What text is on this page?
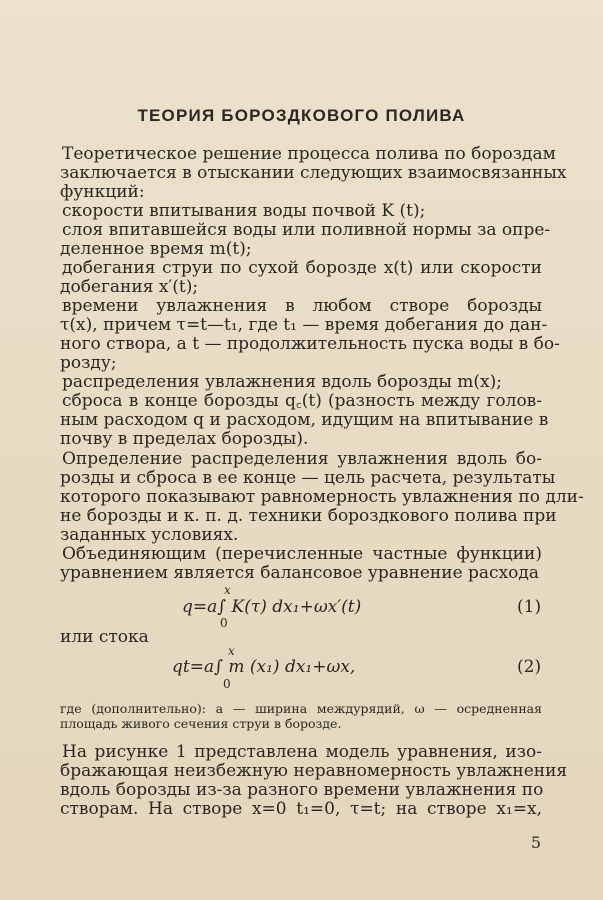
ТЕОРИЯ БОРОЗДКОВОГО ПОЛИВА
Теоретическое решение процесса полива по бороздам
заключается в отыскании следующих взаимосвязанных
функций:
скорости впитывания воды почвой K (t);
слоя впитавшейся воды или поливной нормы за опре-
деленное время m(t);
добегания струи по сухой борозде x(t) или скорости
добегания x′(t);
времени увлажнения в любом створе борозды
τ(x), причем τ=t—t₁, где t₁ — время добегания до дан-
ного створа, а t — продолжительность пуска воды в бо-
розду;
распределения увлажнения вдоль борозды m(x);
сброса в конце борозды q꜀(t) (разность между голов-
ным расходом q и расходом, идущим на впитывание в
почву в пределах борозды).
Определение распределения увлажнения вдоль бо-
розды и сброса в ее конце — цель расчета, результаты
которого показывают равномерность увлажнения по дли-
не борозды и к. п. д. техники бороздкового полива при
заданных условиях.
Объединяющим (перечисленные частные функции)
уравнением является балансовое уравнение расхода
q=a∫ K(τ) dx₁+ωx′(t)
x
0
(1)
или стока
qt=a∫ m (x₁) dx₁+ωx,
x
0
(2)
где (дополнительно): a — ширина междурядий, ω — осредненная
площадь живого сечения струи в борозде.
На рисунке 1 представлена модель уравнения, изо-
бражающая неизбежную неравномерность увлажнения
вдоль борозды из-за разного времени увлажнения по
створам. На створе x=0 t₁=0, τ=t; на створе x₁=x,
5
